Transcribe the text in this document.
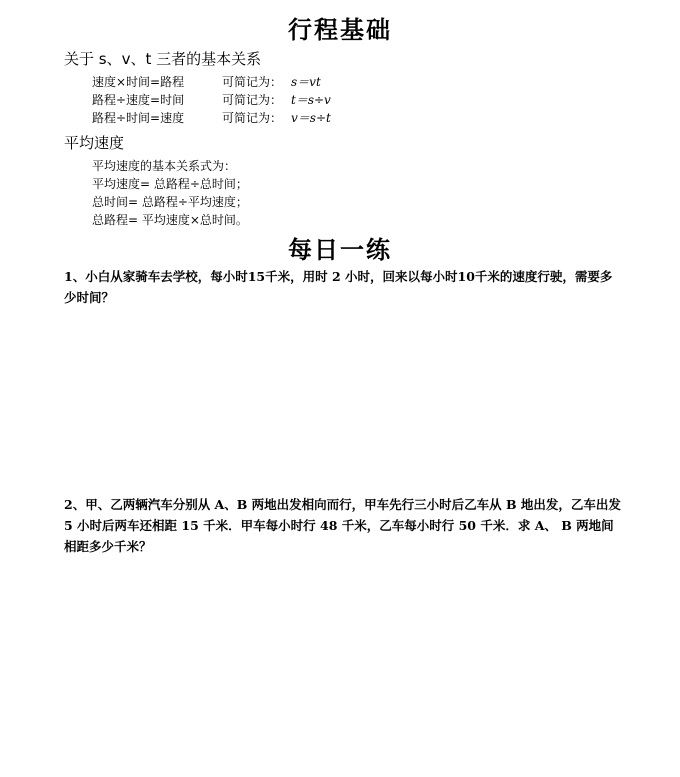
行程基础
关于 s、v、t 三者的基本关系
速度×时间=路程	可简记为： s＝vt
路程÷速度=时间	可简记为： t＝s÷v
路程÷时间=速度	可简记为： v＝s÷t
平均速度
平均速度的基本关系式为：
平均速度= 总路程÷总时间；
总时间= 总路程÷平均速度；
总路程= 平均速度×总时间。
每日一练
1、小白从家骑车去学校，每小时15千米，用时 2 小时，回来以每小时10千米的速度行驶，需要多少时间？
2、甲、乙两辆汽车分别从 A、B 两地出发相向而行，甲车先行三小时后乙车从 B 地出发，乙车出发 5 小时后两车还相距 15 千米．甲车每小时行 48 千米，乙车每小时行 50 千米．求 A、 B 两地间相距多少千米？
